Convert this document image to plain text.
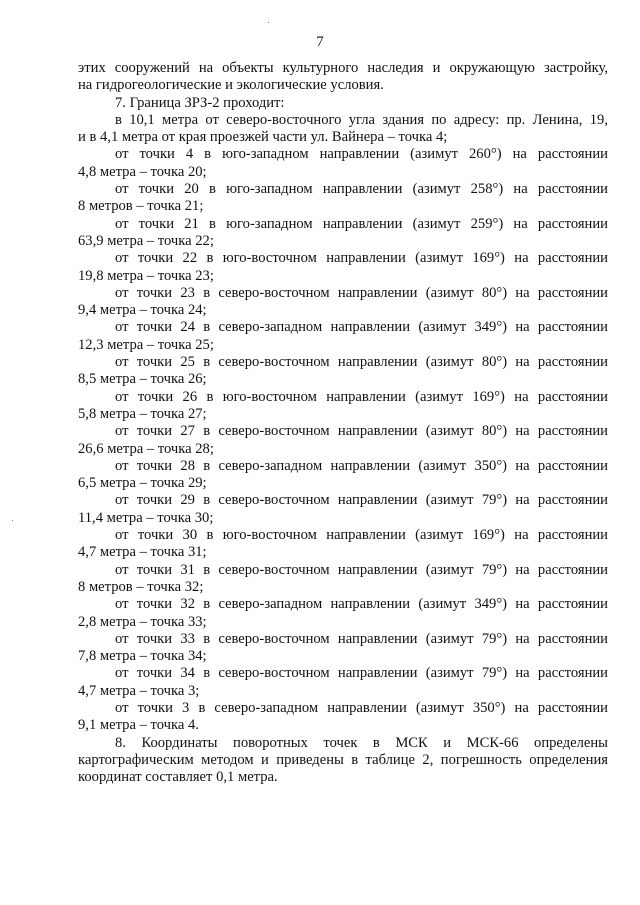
7
этих сооружений на объекты культурного наследия и окружающую застройку,
на гидрогеологические и экологические условия.
7. Граница ЗРЗ-2 проходит:
в 10,1 метра от северо-восточного угла здания по адресу: пр. Ленина, 19,
и в 4,1 метра от края проезжей части ул. Вайнера – точка 4;
от точки 4 в юго-западном направлении (азимут 260°) на расстоянии
4,8 метра – точка 20;
от точки 20 в юго-западном направлении (азимут 258°) на расстоянии
8 метров – точка 21;
от точки 21 в юго-западном направлении (азимут 259°) на расстоянии
63,9 метра – точка 22;
от точки 22 в юго-восточном направлении (азимут 169°) на расстоянии
19,8 метра – точка 23;
от точки 23 в северо-восточном направлении (азимут 80°) на расстоянии
9,4 метра – точка 24;
от точки 24 в северо-западном направлении (азимут 349°) на расстоянии
12,3 метра – точка 25;
от точки 25 в северо-восточном направлении (азимут 80°) на расстоянии
8,5 метра – точка 26;
от точки 26 в юго-восточном направлении (азимут 169°) на расстоянии
5,8 метра – точка 27;
от точки 27 в северо-восточном направлении (азимут 80°) на расстоянии
26,6 метра – точка 28;
от точки 28 в северо-западном направлении (азимут 350°) на расстоянии
6,5 метра – точка 29;
от точки 29 в северо-восточном направлении (азимут 79°) на расстоянии
11,4 метра – точка 30;
от точки 30 в юго-восточном направлении (азимут 169°) на расстоянии
4,7 метра – точка 31;
от точки 31 в северо-восточном направлении (азимут 79°) на расстоянии
8 метров – точка 32;
от точки 32 в северо-западном направлении (азимут 349°) на расстоянии
2,8 метра – точка 33;
от точки 33 в северо-восточном направлении (азимут 79°) на расстоянии
7,8 метра – точка 34;
от точки 34 в северо-восточном направлении (азимут 79°) на расстоянии
4,7 метра – точка 3;
от точки 3 в северо-западном направлении (азимут 350°) на расстоянии
9,1 метра – точка 4.
8. Координаты поворотных точек в МСК и МСК-66 определены
картографическим методом и приведены в таблице 2, погрешность определения
координат составляет 0,1 метра.
